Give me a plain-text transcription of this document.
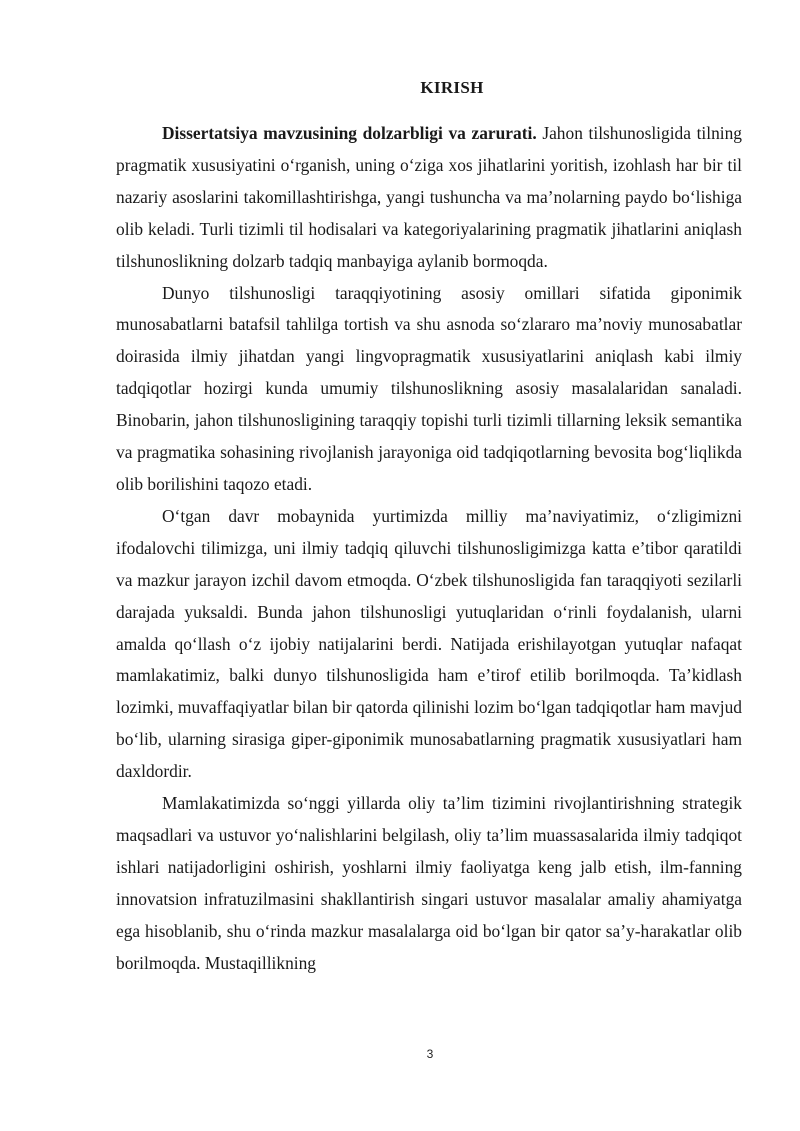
KIRISH

Dissertatsiya mavzusining dolzarbligi va zarurati. Jahon tilshunosligida tilning pragmatik xususiyatini o‘rganish, uning o‘ziga xos jihatlarini yoritish, izohlash har bir til nazariy asoslarini takomillashtirishga, yangi tushuncha va ma’nolarning paydo bo‘lishiga olib keladi. Turli tizimli til hodisalari va kategoriyalarining pragmatik jihatlarini aniqlash tilshunoslikning dolzarb tadqiq manbayiga aylanib bormoqda.

Dunyo tilshunosligi taraqqiyotining asosiy omillari sifatida giponimik munosabatlarni batafsil tahlilga tortish va shu asnoda so‘zlararo ma’noviy munosabatlar doirasida ilmiy jihatdan yangi lingvopragmatik xususiyatlarini aniqlash kabi ilmiy tadqiqotlar hozirgi kunda umumiy tilshunoslikning asosiy masalalaridan sanaladi. Binobarin, jahon tilshunosligining taraqqiy topishi turli tizimli tillarning leksik semantika va pragmatika sohasining rivojlanish jarayoniga oid tadqiqotlarning bevosita bog‘liqlikda olib borilishini taqozo etadi.

O‘tgan davr mobaynida yurtimizda milliy ma’naviyatimiz, o‘zligimizni ifodalovchi tilimizga, uni ilmiy tadqiq qiluvchi tilshunosligimizga katta e’tibor qaratildi va mazkur jarayon izchil davom etmoqda. O‘zbek tilshunosligida fan taraqqiyoti sezilarli darajada yuksaldi. Bunda jahon tilshunosligi yutuqlaridan o‘rinli foydalanish, ularni amalda qo‘llash o‘z ijobiy natijalarini berdi. Natijada erishilayotgan yutuqlar nafaqat mamlakatimiz, balki dunyo tilshunosligida ham e’tirof etilib borilmoqda. Ta’kidlash lozimki, muvaffaqiyatlar bilan bir qatorda qilinishi lozim bo‘lgan tadqiqotlar ham mavjud bo‘lib, ularning sirasiga giper-giponimik munosabatlarning pragmatik xususiyatlari ham daxldordir.

Mamlakatimizda so‘nggi yillarda oliy ta’lim tizimini rivojlantirishning strategik maqsadlari va ustuvor yo‘nalishlarini belgilash, oliy ta’lim muassasalarida ilmiy tadqiqot ishlari natijadorligini oshirish, yoshlarni ilmiy faoliyatga keng jalb etish, ilm-fanning innovatsion infratuzilmasini shakllantirish singari ustuvor masalalar amaliy ahamiyatga ega hisoblanib, shu o‘rinda mazkur masalalarga oid bo‘lgan bir qator sa’y-harakatlar olib borilmoqda. Mustaqillikning

3
